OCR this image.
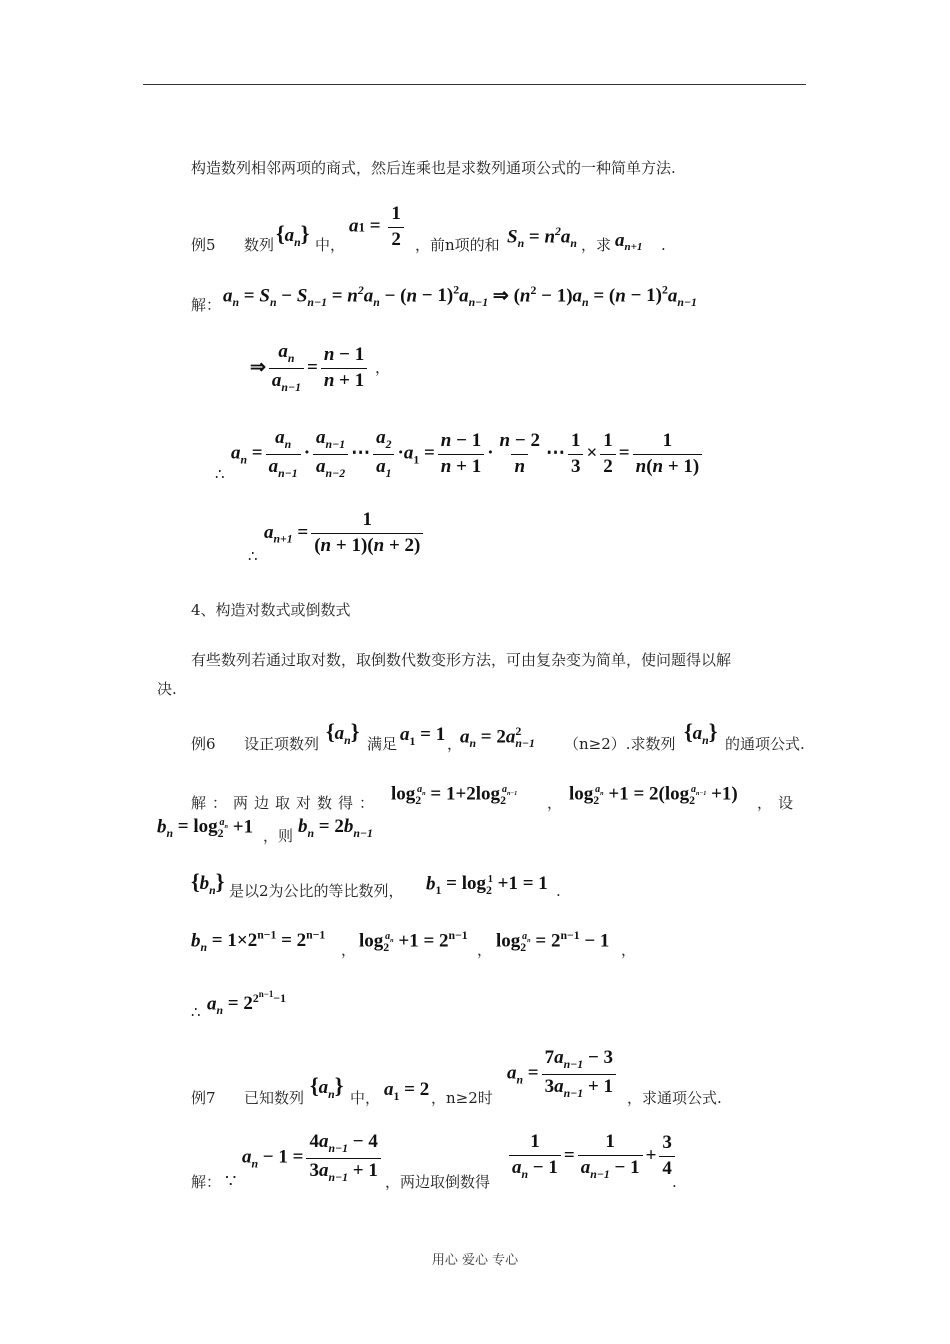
构造数列相邻两项的商式，然后连乘也是求数列通项公式的一种简单方法.
例5 数列 $\{a_n\}$ 中，
$a1 = \frac{1}{2}$ ，前n项的和 $S_n = n^2a_n$ ，求 $a_{n+1}$ .
解： $a_n = S_n - S_{n-1} = n^2a_n - (n - 1)^2a_{n-1}$ ⇒ $(n^2 - 1)a_n = (n - 1)^2a_{n-1}$
⇒ $\frac{a_n}{a_{n-1}} = \frac{n - 1}{n + 1}$ ，
∴
$a_n = \frac{a_n}{a_{n-1}} \cdot \frac{a_{n-1}}{a_{n-2}}$ ⋯ $\frac{a_2}{a_1} \cdot a_1 = \frac{n - 1}{n + 1} \cdot \frac{n - 2}{n}$ ⋯ $\frac{1}{3} \times \frac{1}{2} = \frac{1}{n(n + 1)}$
∴
$a_{n+1} = \frac{1}{(n + 1)(n + 2)}$
4、构造对数式或倒数式
有些数列若通过取对数，取倒数代数变形方法，可由复杂变为简单，使问题得以解
决.
例6 设正项数列 $\{a_n\}$ 满足 $a_1 = 1$ ，
$a_n = 2a^2_{n-1}$ （n≥2）.求数列 $\{a_n\}$ 的通项公式.
解：两边取对数得： $\log_2^{a_n} = 1+2\log_2^{a_{n-1}}$
， $\log_2^{a_n} +1 = 2(\log_2^{a_{n-1}} +1)$ ，设
$b_n = \log_2^{a_n} +1$ ，则 $b_n = 2b_{n-1}$
$\{b_n\}$ 是以2为公比的等比数列， $b_1 = \log_2^1 +1 = 1$ .
$b_n = 1\times 2^{n-1} = 2^{n-1}$
， $\log_2^{a_n} +1 = 2^{n-1}$
， $\log_2^{a_n} = 2^{n-1} - 1$ ，
∴ $a_n = 2^{2^{n-1}-1}$
例7 已知数列 $\{a_n\}$ 中， $a_1 = 2$ ，n≥2时
$a_n = \frac{7a_{n-1} - 3}{3a_{n-1} + 1}$ ，求通项公式.
解： ∵
$a_n - 1 = \frac{4a_{n-1} - 4}{3a_{n-1} + 1}$ ，两边取倒数得
$\frac{1}{a_n - 1} = \frac{1}{a_{n-1} - 1} + \frac{3}{4}$
.
用心 爱心 专心
